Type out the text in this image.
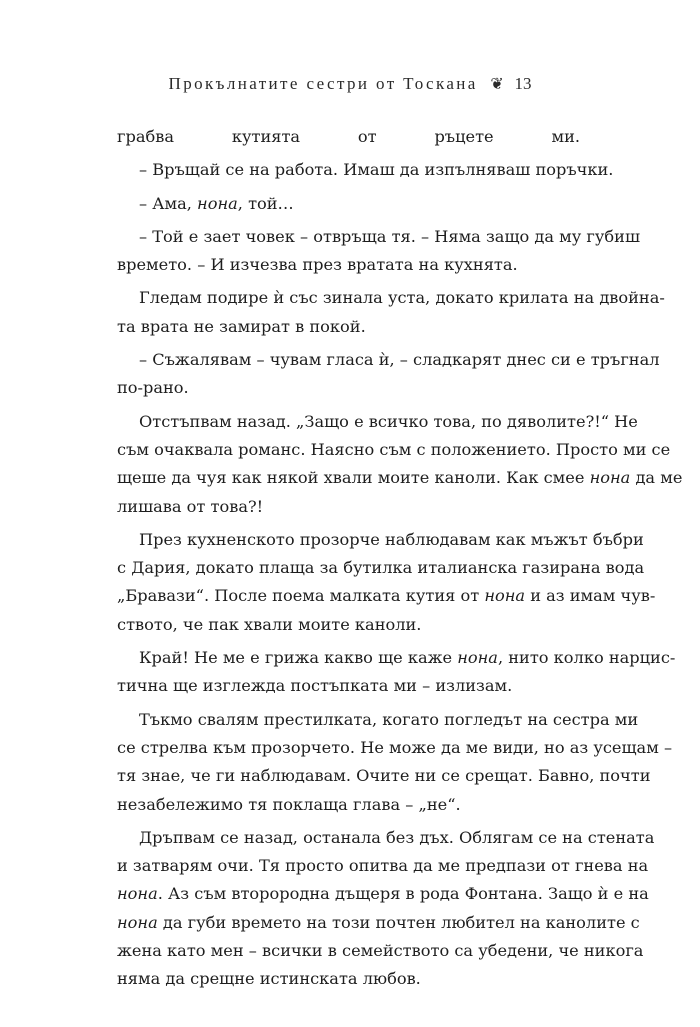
Прокълнатите сестри от Тоскана ❦ 13
грабва кутията от ръцете ми.
– Връщай се на работа. Имаш да изпълняваш поръчки.
– Ама, нона, той…
– Той е зает човек – отвръща тя. – Няма защо да му губиш
времето. – И изчезва през вратата на кухнята.
Гледам подире ѝ със зинала уста, докато крилата на двойна-
та врата не замират в покой.
– Съжалявам – чувам гласа ѝ, – сладкарят днес си е тръгнал
по-рано.
Отстъпвам назад. „Защо е всичко това, по дяволите?!“ Не
съм очаквала романс. Наясно съм с положението. Просто ми се
щеше да чуя как някой хвали моите каноли. Как смее нона да ме
лишава от това?!
През кухненското прозорче наблюдавам как мъжът бъбри
с Дария, докато плаща за бутилка италианска газирана вода
„Бравази“. После поема малката кутия от нона и аз имам чув-
ството, че пак хвали моите каноли.
Край! Не ме е грижа какво ще каже нона, нито колко нарцис-
тична ще изглежда постъпката ми – излизам.
Тъкмо свалям престилката, когато погледът на сестра ми
се стрелва към прозорчето. Не може да ме види, но аз усещам –
тя знае, че ги наблюдавам. Очите ни се срещат. Бавно, почти
незабележимо тя поклаща глава – „не“.
Дръпвам се назад, останала без дъх. Облягам се на стената
и затварям очи. Тя просто опитва да ме предпази от гнева на
нона. Аз съм второродна дъщеря в рода Фонтана. Защо ѝ е на
нона да губи времето на този почтен любител на канолите с
жена като мен – всички в семейството са убедени, че никога
няма да срещне истинската любов.
